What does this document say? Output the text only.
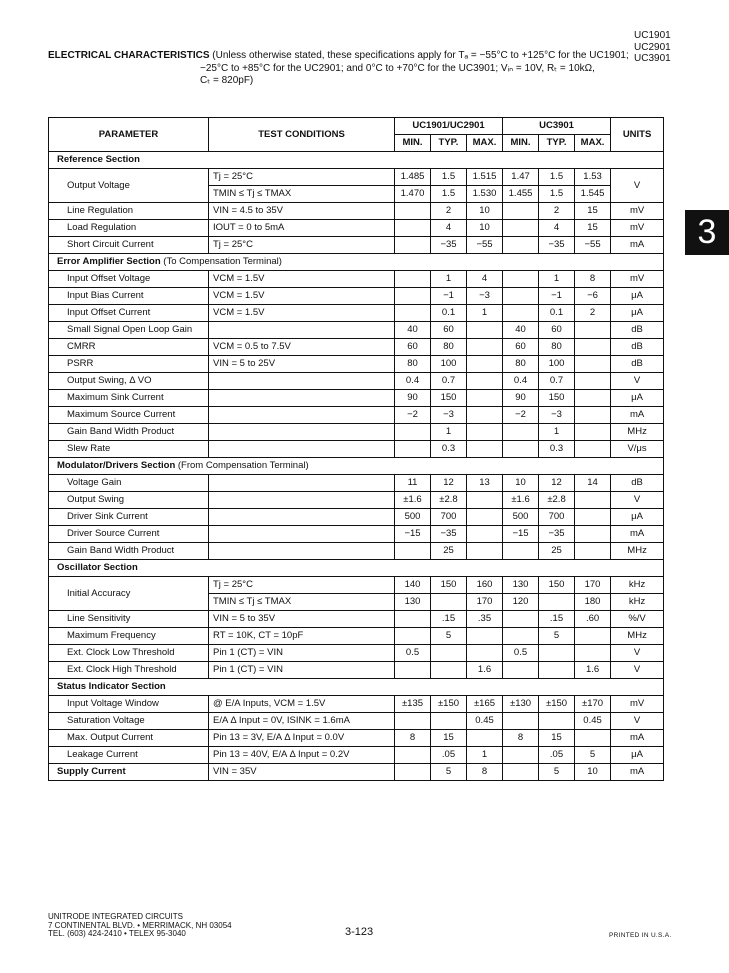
UC1901
UC2901
UC3901
ELECTRICAL CHARACTERISTICS (Unless otherwise stated, these specifications apply for Tₐ = −55°C to +125°C for the UC1901;
−25°C to +85°C for the UC2901; and 0°C to +70°C for the UC3901; Vᵢₙ = 10V, Rₜ = 10kΩ,
Cₜ = 820pF)
3
PARAMETER	TEST CONDITIONS	UC1901/UC2901			UC3901			UNITS
		MIN.	TYP.	MAX.	MIN.	TYP.	MAX.	
Reference Section								
Output Voltage	Tj = 25°C	1.485	1.5	1.515	1.47	1.5	1.53	V
	TMIN ≤ Tj ≤ TMAX	1.470	1.5	1.530	1.455	1.5	1.545	
Line Regulation	VIN = 4.5 to 35V		2	10		2	15	mV
Load Regulation	IOUT = 0 to 5mA		4	10		4	15	mV
Short Circuit Current	Tj = 25°C		−35	−55		−35	−55	mA
Error Amplifier Section (To Compensation Terminal)								
Input Offset Voltage	VCM = 1.5V		1	4		1	8	mV
Input Bias Current	VCM = 1.5V		−1	−3		−1	−6	μA
Input Offset Current	VCM = 1.5V		0.1	1		0.1	2	μA
Small Signal Open Loop Gain		40	60		40	60		dB
CMRR	VCM = 0.5 to 7.5V	60	80		60	80		dB
PSRR	VIN = 5 to 25V	80	100		80	100		dB
Output Swing, Δ VO		0.4	0.7		0.4	0.7		V
Maximum Sink Current		90	150		90	150		μA
Maximum Source Current		−2	−3		−2	−3		mA
Gain Band Width Product			1			1		MHz
Slew Rate			0.3			0.3		V/μs
Modulator/Drivers Section (From Compensation Terminal)								
Voltage Gain		11	12	13	10	12	14	dB
Output Swing		±1.6	±2.8		±1.6	±2.8		V
Driver Sink Current		500	700		500	700		μA
Driver Source Current		−15	−35		−15	−35		mA
Gain Band Width Product			25			25		MHz
Oscillator Section								
Initial Accuracy	Tj = 25°C	140	150	160	130	150	170	kHz
	TMIN ≤ Tj ≤ TMAX	130		170	120		180	kHz
Line Sensitivity	VIN = 5 to 35V		.15	.35		.15	.60	%/V
Maximum Frequency	RT = 10K, CT = 10pF		5			5		MHz
Ext. Clock Low Threshold	Pin 1 (CT) = VIN	0.5			0.5			V
Ext. Clock High Threshold	Pin 1 (CT) = VIN			1.6			1.6	V
Status Indicator Section								
Input Voltage Window	@ E/A Inputs, VCM = 1.5V	±135	±150	±165	±130	±150	±170	mV
Saturation Voltage	E/A Δ Input = 0V, ISINK = 1.6mA			0.45			0.45	V
Max. Output Current	Pin 13 = 3V, E/A Δ Input = 0.0V	8	15		8	15		mA
Leakage Current	Pin 13 = 40V, E/A Δ Input = 0.2V		.05	1		.05	5	μA
Supply Current	VIN = 35V		5	8		5	10	mA
UNITRODE INTEGRATED CIRCUITS
7 CONTINENTAL BLVD. • MERRIMACK, NH 03054
TEL. (603) 424-2410 • TELEX 95-3040	3-123	PRINTED IN U.S.A.
